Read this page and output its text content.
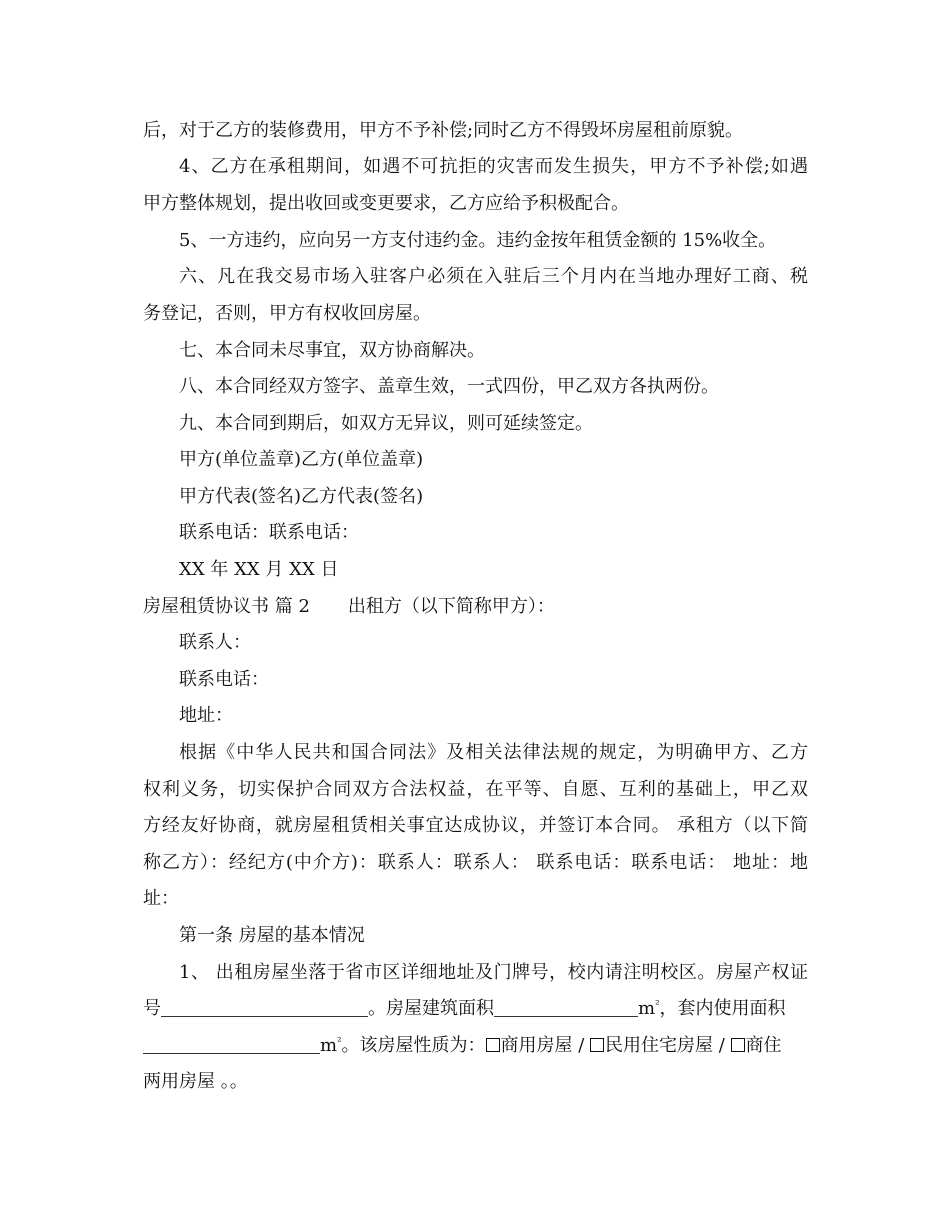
后，对于乙方的装修费用，甲方不予补偿;同时乙方不得毁坏房屋租前原貌。
4、乙方在承租期间，如遇不可抗拒的灾害而发生损失，甲方不予补偿;如遇
甲方整体规划，提出收回或变更要求，乙方应给予积极配合。
5、一方违约，应向另一方支付违约金。违约金按年租赁金额的 15%收全。
六、凡在我交易市场入驻客户必须在入驻后三个月内在当地办理好工商、税
务登记，否则，甲方有权收回房屋。
七、本合同未尽事宜，双方协商解决。
八、本合同经双方签字、盖章生效，一式四份，甲乙双方各执两份。
九、本合同到期后，如双方无异议，则可延续签定。
甲方(单位盖章)乙方(单位盖章)
甲方代表(签名)乙方代表(签名)
联系电话：联系电话：
XX 年 XX 月 XX 日
房屋租赁协议书 篇 2 出租方（以下简称甲方）：
联系人：
联系电话：
地址：
根据《中华人民共和国合同法》及相关法律法规的规定，为明确甲方、乙方
权利义务，切实保护合同双方合法权益，在平等、自愿、互利的基础上，甲乙双
方经友好协商，就房屋租赁相关事宜达成协议，并签订本合同。 承租方（以下简
称乙方）：经纪方(中介方)：联系人：联系人： 联系电话：联系电话： 地址：地
址：
第一条 房屋的基本情况
1、 出租房屋坐落于省市区详细地址及门牌号，校内请注明校区。房屋产权证
号	。房屋建筑面积	$m^{^2}$，套内使用面积
$m^{^2}$。该房屋性质为： 商用房屋 / 民用住宅房屋 / 商住
两用房屋 。。
